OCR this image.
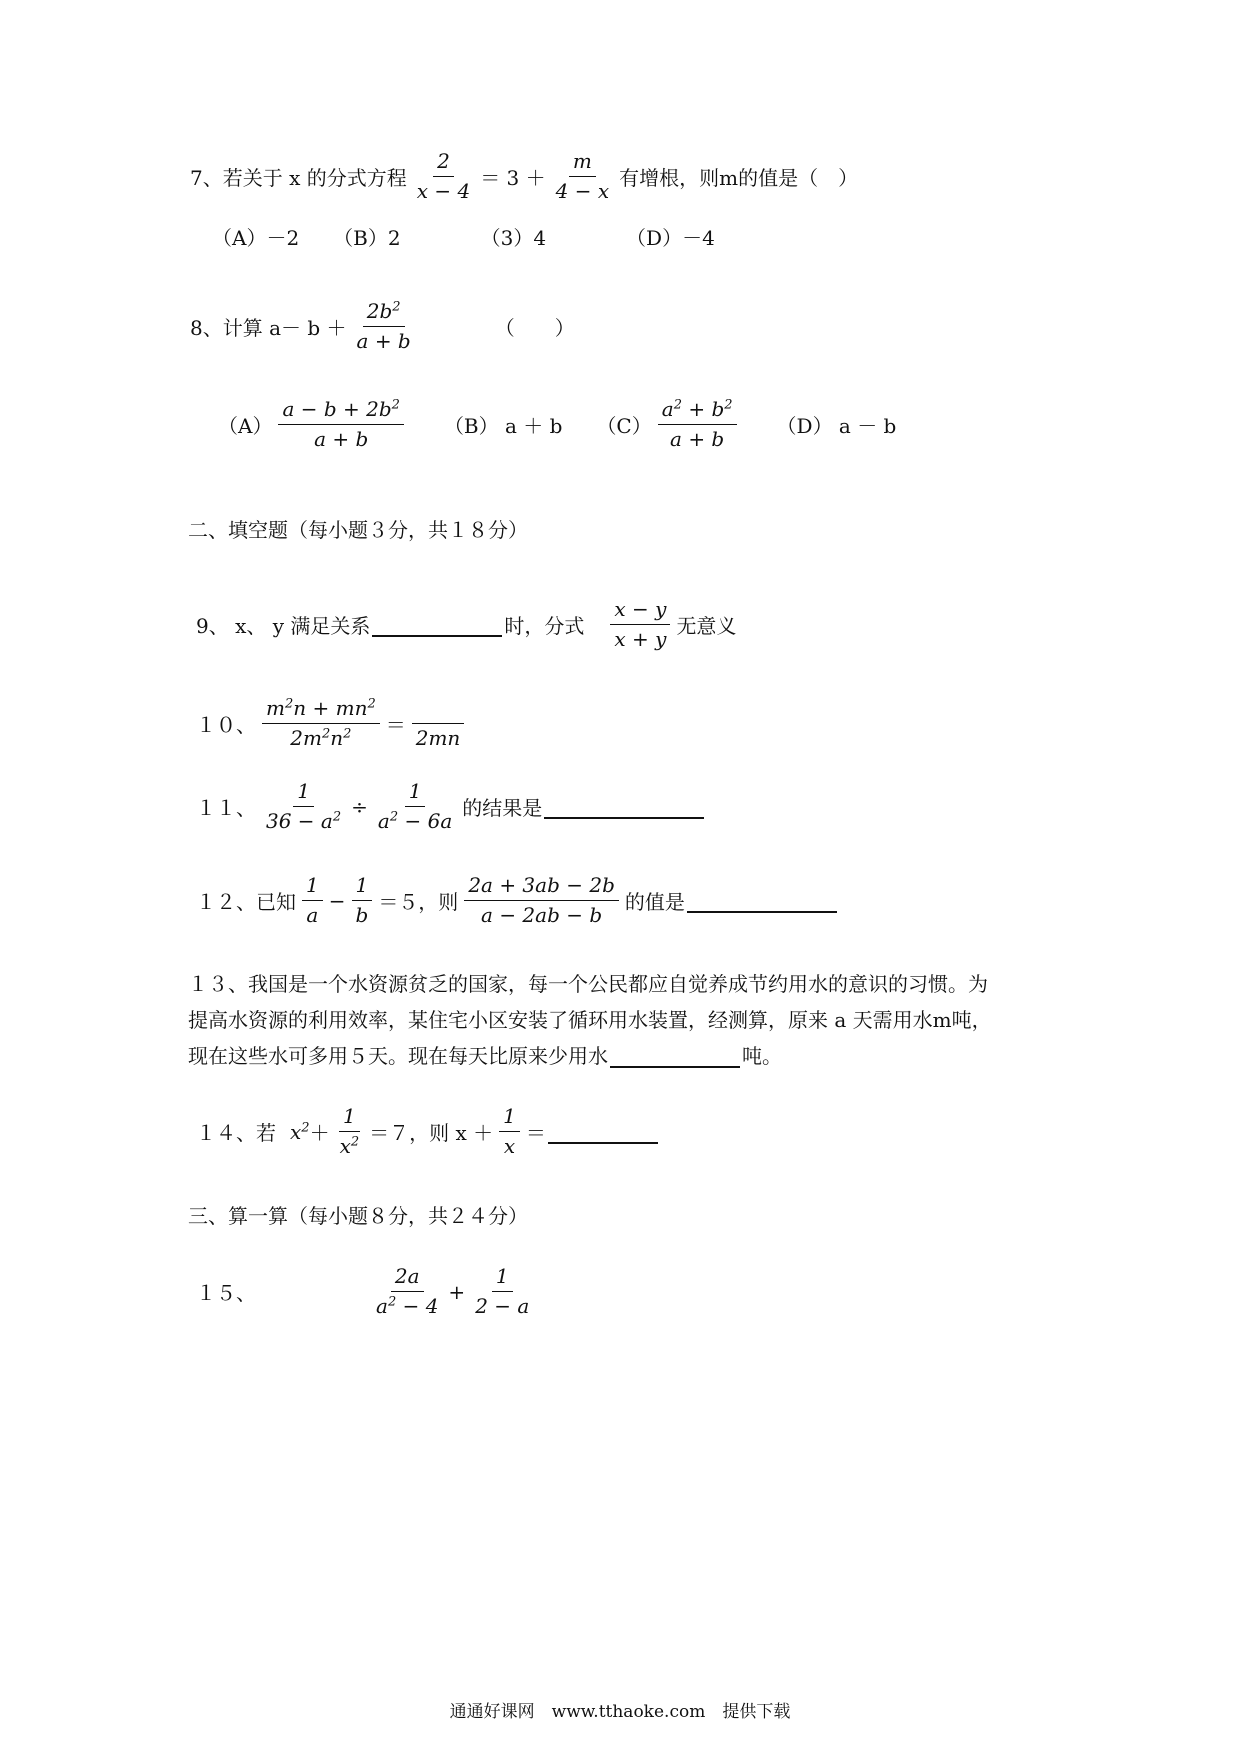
7、若关于 x 的分式方程 $\frac{2}{x - 4} = 3 + \frac{m}{4 - x}$ 有增根，则m的值是（　）
（A）－2 （B）2	（3）4	（D）－4
8、计算 $a- b + \frac{2b^2}{a + b}$	（　　）
$(A) \frac{a - b + 2b^2}{a + b} (B) a + b$ $(C) \frac{a^2 + b^2}{a + b} (D) a - b$
二、填空题（每小题３分，共１８分）
9、 x、 y 满足关系	时，分式 $\frac{x - y}{x + y}$ 无意义
１０、 $\frac{m^2n + mn^2}{2m^2n^2}$ ＝
2mn
１１、 $\frac{1}{36 - a^2} \div \frac{1}{a^2 - 6a}$ 的结果是
１２、已知 $\frac{1}{a} - \frac{1}{b} =5$，则 $\frac{2a + 3ab - 2b}{a - 2ab - b}$ 的值是
１３、我国是一个水资源贫乏的国家，每一个公民都应自觉养成节约用水的意识的习惯。为
提高水资源的利用效率，某住宅小区安装了循环用水装置，经测算，原来 a 天需用水m吨，
现在这些水可多用５天。现在每天比原来少用水	吨。
１４、若 $x^2 + \frac{1}{x^2} =7$，则 $x + \frac{1}{x}$ ＝
三、算一算（每小题８分，共２４分）
１５、	$\frac{2a}{a^2 - 4} + \frac{1}{2 - a}$
通通好课网　www.tthaoke.com　提供下载
